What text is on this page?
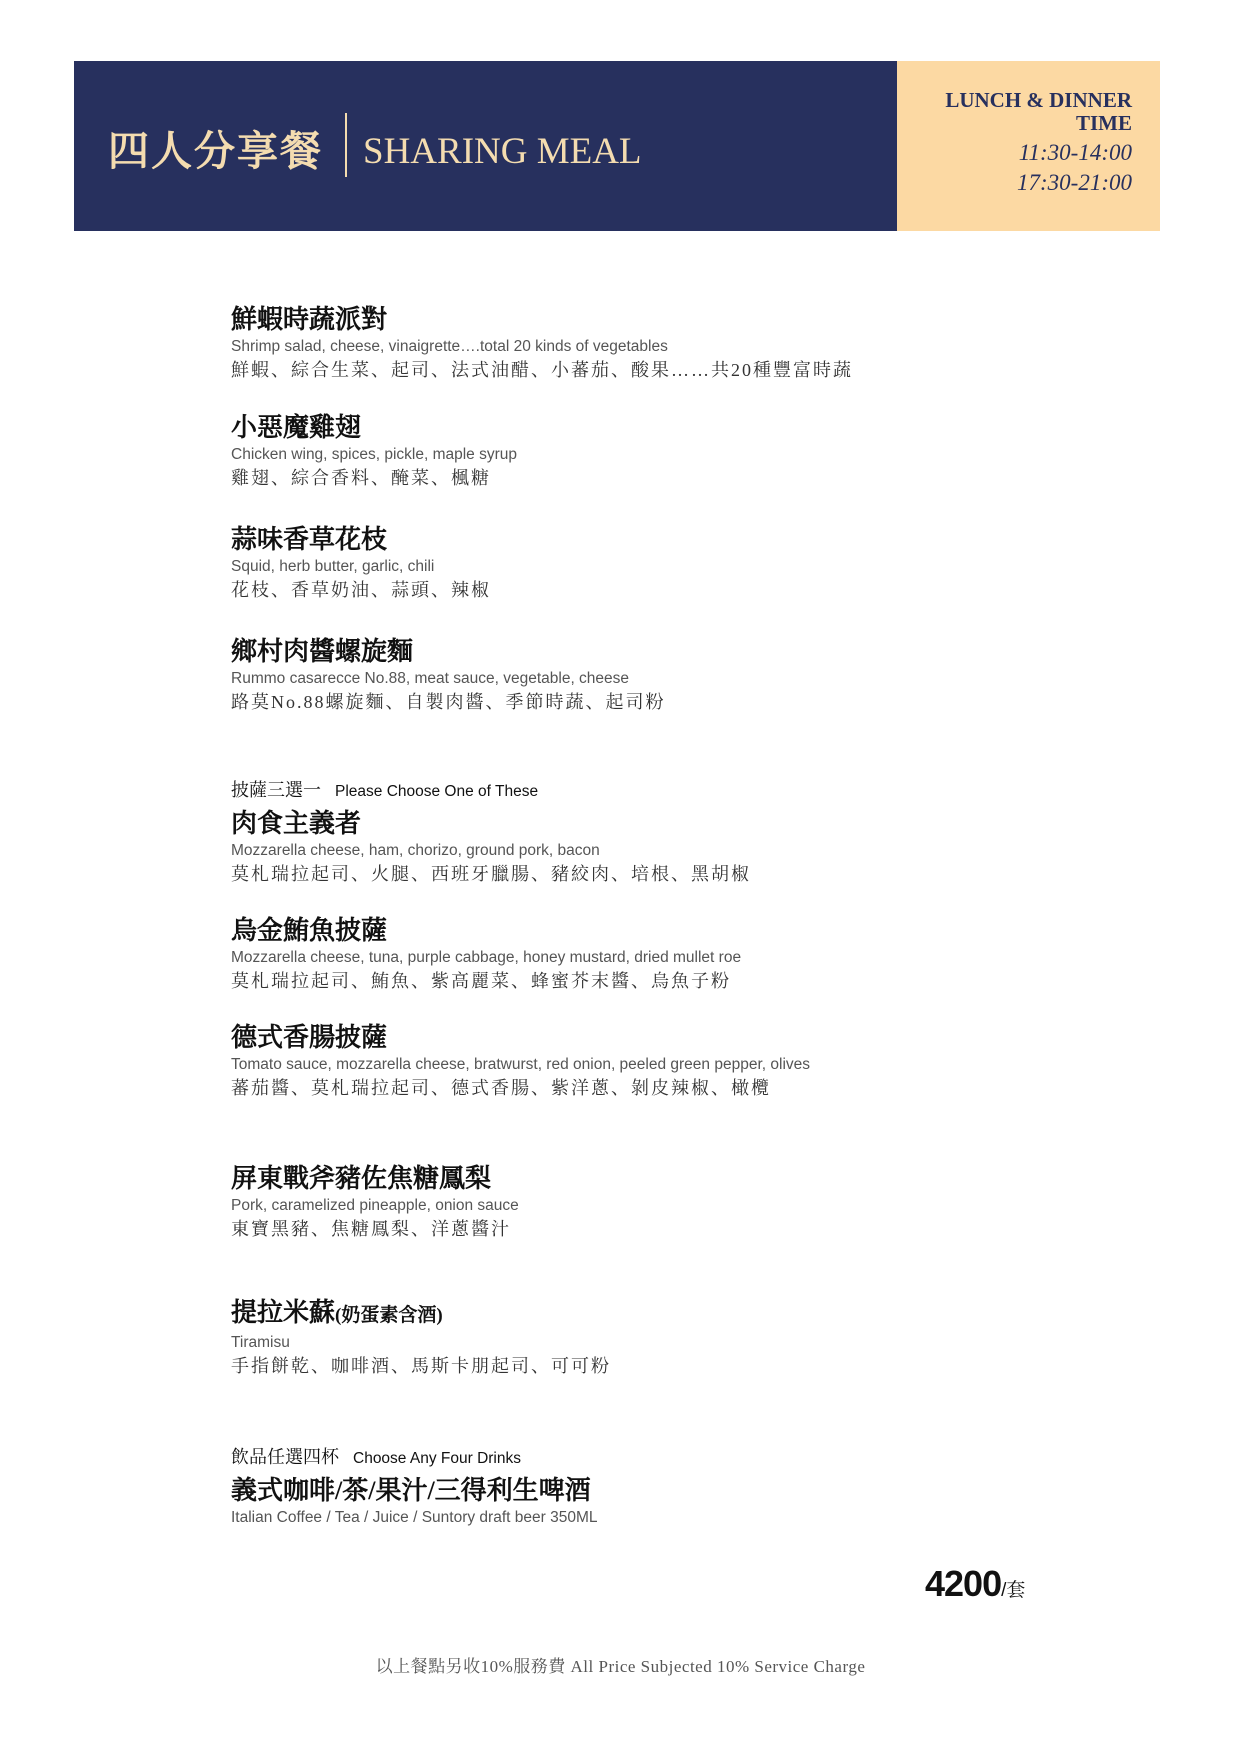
四人分享餐 SHARING MEAL
LUNCH & DINNER
TIME
11:30-14:00
17:30-21:00
鮮蝦時蔬派對
Shrimp salad, cheese, vinaigrette….total 20 kinds of vegetables
鮮蝦、綜合生菜、起司、法式油醋、小蕃茄、酸果……共20種豐富時蔬
小惡魔雞翅
Chicken wing, spices, pickle, maple syrup
雞翅、綜合香料、醃菜、楓糖
蒜味香草花枝
Squid, herb butter, garlic, chili
花枝、香草奶油、蒜頭、辣椒
鄉村肉醬螺旋麵
Rummo casarecce No.88, meat sauce, vegetable, cheese
路莫No.88螺旋麵、自製肉醬、季節時蔬、起司粉
披薩三選一 Please Choose One of These
肉食主義者
Mozzarella cheese, ham, chorizo, ground pork, bacon
莫札瑞拉起司、火腿、西班牙臘腸、豬絞肉、培根、黑胡椒
烏金鮪魚披薩
Mozzarella cheese, tuna, purple cabbage, honey mustard, dried mullet roe
莫札瑞拉起司、鮪魚、紫高麗菜、蜂蜜芥末醬、烏魚子粉
德式香腸披薩
Tomato sauce, mozzarella cheese, bratwurst, red onion, peeled green pepper, olives
蕃茄醬、莫札瑞拉起司、德式香腸、紫洋蔥、剝皮辣椒、橄欖
屏東戰斧豬佐焦糖鳳梨
Pork, caramelized pineapple, onion sauce
東寶黑豬、焦糖鳳梨、洋蔥醬汁
提拉米蘇(奶蛋素含酒)
Tiramisu
手指餅乾、咖啡酒、馬斯卡朋起司、可可粉
飲品任選四杯 Choose Any Four Drinks
義式咖啡/茶/果汁/三得利生啤酒
Italian Coffee / Tea / Juice / Suntory draft beer 350ML
4200/套
以上餐點另收10%服務費 All Price Subjected 10% Service Charge
